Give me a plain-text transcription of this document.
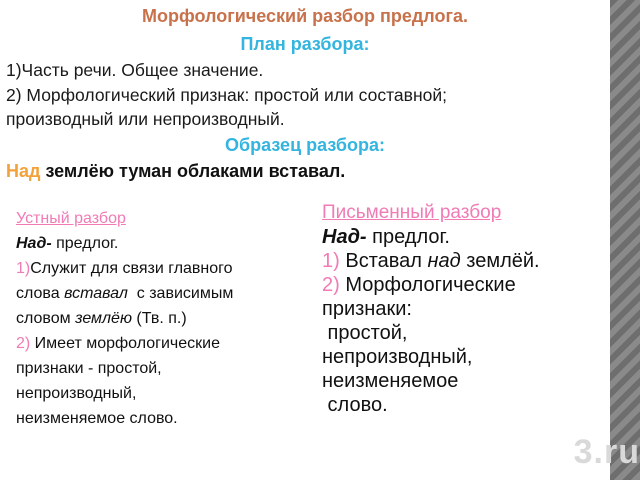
Морфологический разбор предлога.
План разбора:
1)Часть речи. Общее значение.
2) Морфологический признак: простой или составной;
производный или непроизводный.
Образец разбора:
Над землёю туман облаками вставал.
Устный разбор
Над- предлог.
1)Служит для связи главного
слова вставал  с зависимым
словом землёю (Тв. п.)
2) Имеет морфологические
признаки - простой,
непроизводный,
неизменяемое слово.
Письменный разбор
Над- предлог.
1) Вставал над землёй.
2) Морфологические
признаки:
простой,
непроизводный,
неизменяемое
слово.
3.ru
